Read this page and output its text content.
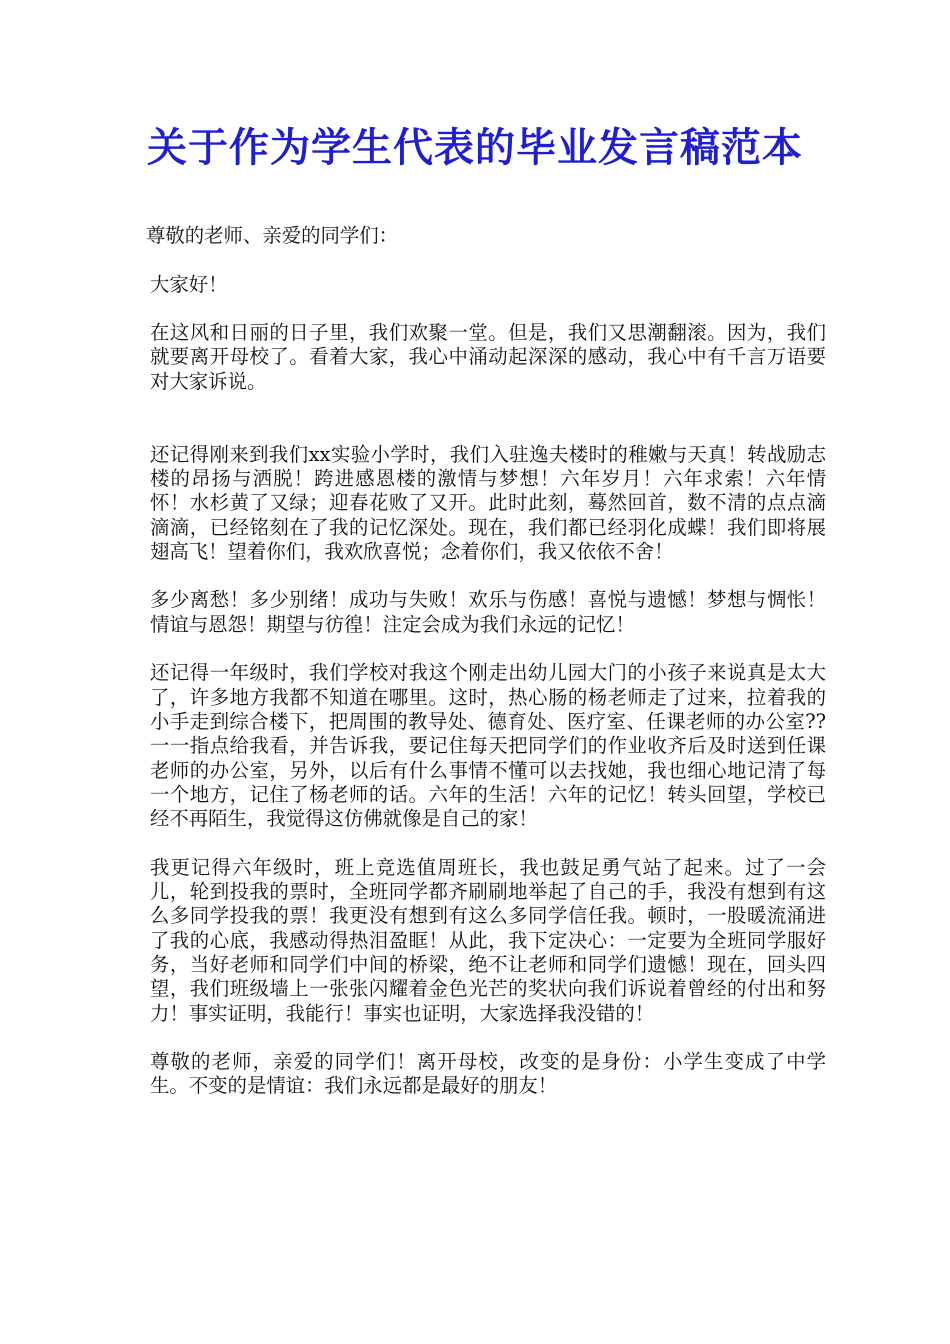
关于作为学生代表的毕业发言稿范本

尊敬的老师、亲爱的同学们：

大家好！

在这风和日丽的日子里，我们欢聚一堂。但是，我们又思潮翻滚。因为，我们就要离开母校了。看着大家，我心中涌动起深深的感动，我心中有千言万语要对大家诉说。

还记得刚来到我们xx实验小学时，我们入驻逸夫楼时的稚嫩与天真！转战励志楼的昂扬与洒脱！跨进感恩楼的激情与梦想！六年岁月！六年求索！六年情怀！水杉黄了又绿；迎春花败了又开。此时此刻，蓦然回首，数不清的点点滴滴滴，已经铭刻在了我的记忆深处。现在，我们都已经羽化成蝶！我们即将展翅高飞！望着你们，我欢欣喜悦；念着你们，我又依依不舍！

多少离愁！多少别绪！成功与失败！欢乐与伤感！喜悦与遗憾！梦想与惆怅！情谊与恩怨！期望与彷徨！注定会成为我们永远的记忆！

还记得一年级时，我们学校对我这个刚走出幼儿园大门的小孩子来说真是太大了，许多地方我都不知道在哪里。这时，热心肠的杨老师走了过来，拉着我的小手走到综合楼下，把周围的教导处、德育处、医疗室、任课老师的办公室??一一指点给我看，并告诉我，要记住每天把同学们的作业收齐后及时送到任课老师的办公室，另外，以后有什么事情不懂可以去找她，我也细心地记清了每一个地方，记住了杨老师的话。六年的生活！六年的记忆！转头回望，学校已经不再陌生，我觉得这仿佛就像是自己的家！

我更记得六年级时，班上竞选值周班长，我也鼓足勇气站了起来。过了一会儿，轮到投我的票时，全班同学都齐刷刷地举起了自己的手，我没有想到有这么多同学投我的票！我更没有想到有这么多同学信任我。顿时，一股暖流涌进了我的心底，我感动得热泪盈眶！从此，我下定决心：一定要为全班同学服好务，当好老师和同学们中间的桥梁，绝不让老师和同学们遗憾！现在，回头四望，我们班级墙上一张张闪耀着金色光芒的奖状向我们诉说着曾经的付出和努力！事实证明，我能行！事实也证明，大家选择我没错的！

尊敬的老师，亲爱的同学们！离开母校，改变的是身份：小学生变成了中学生。不变的是情谊：我们永远都是最好的朋友！
